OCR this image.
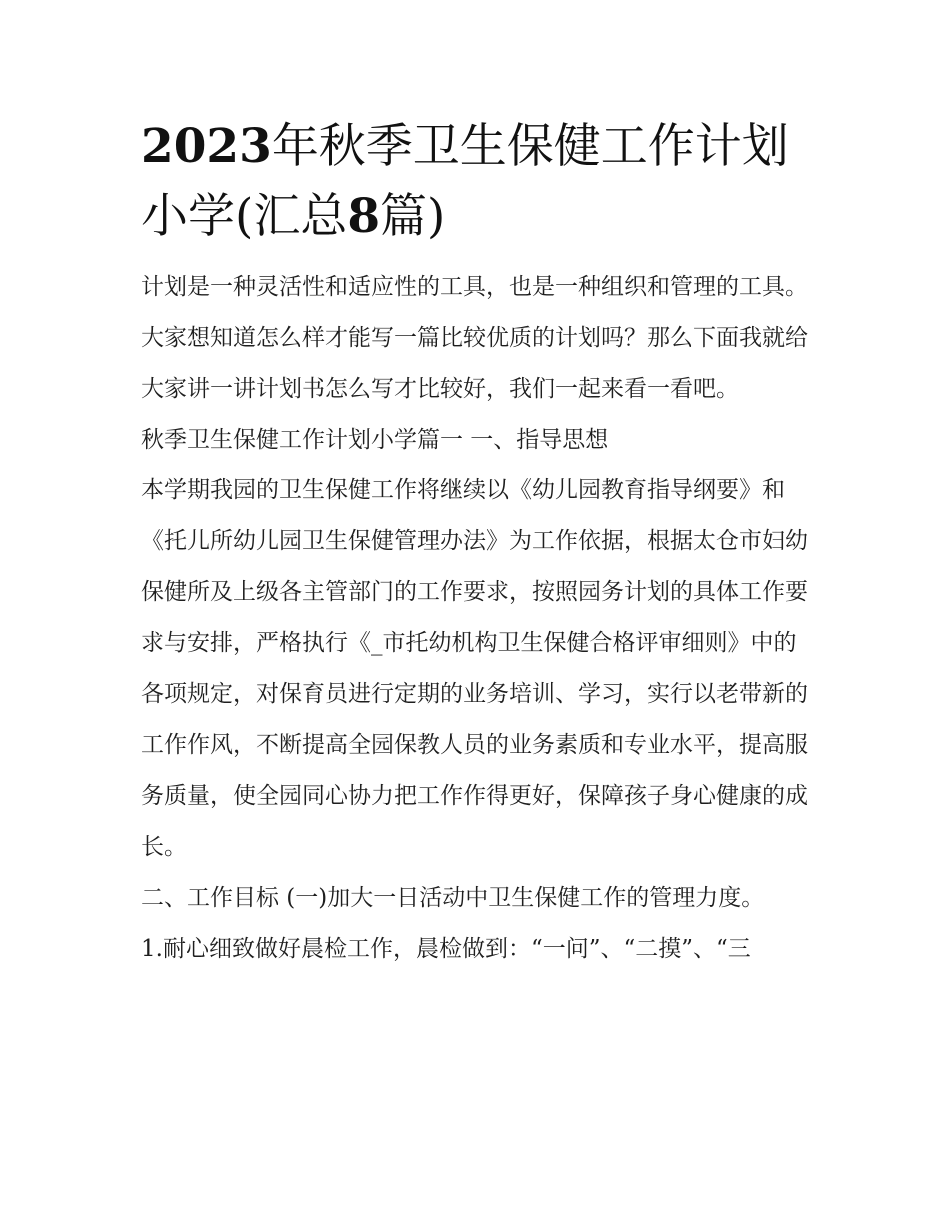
2023年秋季卫生保健工作计划
小学(汇总8篇)

计划是一种灵活性和适应性的工具，也是一种组织和管理的工具。大家想知道怎么样才能写一篇比较优质的计划吗？那么下面我就给大家讲一讲计划书怎么写才比较好，我们一起来看一看吧。

秋季卫生保健工作计划小学篇一 一、指导思想

本学期我园的卫生保健工作将继续以《幼儿园教育指导纲要》和《托儿所幼儿园卫生保健管理办法》为工作依据，根据太仓市妇幼保健所及上级各主管部门的工作要求，按照园务计划的具体工作要求与安排，严格执行《_市托幼机构卫生保健合格评审细则》中的各项规定，对保育员进行定期的业务培训、学习，实行以老带新的工作作风，不断提高全园保教人员的业务素质和专业水平，提高服务质量，使全园同心协力把工作作得更好，保障孩子身心健康的成长。

二、工作目标 (一)加大一日活动中卫生保健工作的管理力度。

1.耐心细致做好晨检工作，晨检做到：“一问”、“二摸”、“三
